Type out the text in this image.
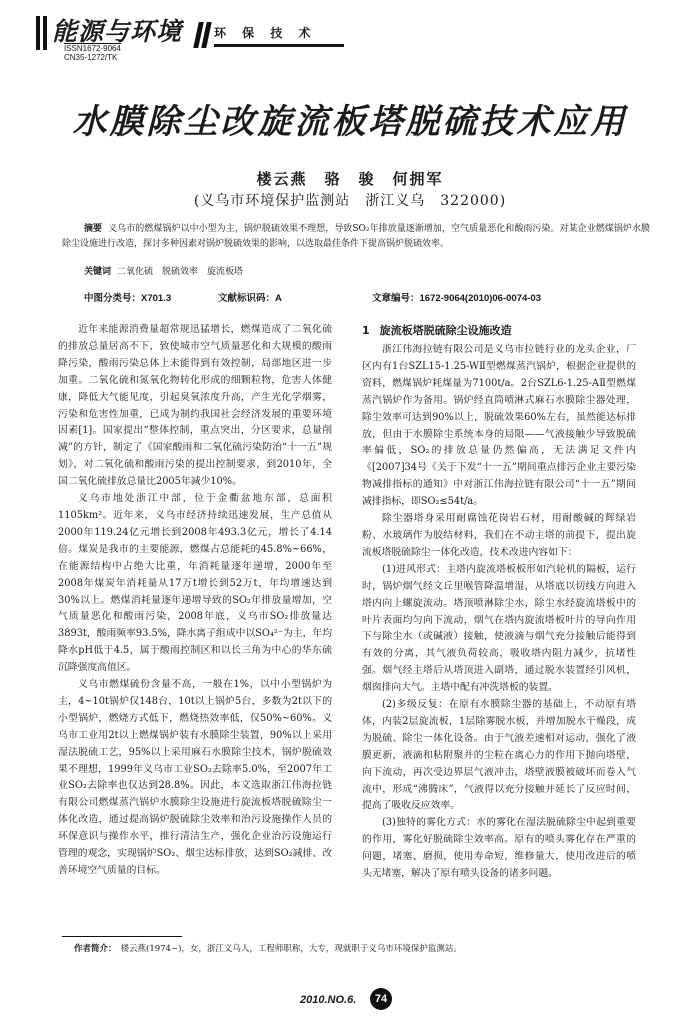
能源与环境
ISSN1672-9064
CN35-1272/TK
环 保 技 术
水膜除尘改旋流板塔脱硫技术应用
楼云燕　骆　骏　何拥军
(义乌市环境保护监测站　浙江义乌　322000)
摘要 义乌市的燃煤锅炉以中小型为主，锅炉脱硫效果不理想，导致SO₂年排放量逐渐增加，空气质量恶化和酸雨污染。对某企业燃煤锅炉水膜除尘设施进行改造，探讨多种因素对锅炉脱硫效果的影响，以选取最佳条件下提高锅炉脱硫效率。
关键词 二氧化硫　脱硫效率　旋流板塔
中图分类号：X701.3	文献标识码：A	文章编号：1672-9064(2010)06-0074-03

近年来能源消费量超常规迅猛增长，燃煤造成了二氧化硫的排放总量居高不下，致使城市空气质量恶化和大规模的酸雨降污染，酸雨污染总体上未能得到有效控制，局部地区进一步加重。二氧化硫和氮氧化物转化形成的细颗粒物，危害人体健康，降低大气能见度，引起臭氧浓度升高，产生光化学烟雾，污染和危害性加重，已成为制约我国社会经济发展的重要环境因素[1]。国家提出“整体控制，重点突出，分区要求，总量削减”的方针，制定了《国家酸雨和二氧化硫污染防治“十一五”规划》，对二氧化硫和酸雨污染的提出控制要求，到2010年，全国二氧化硫排放总量比2005年减少10%。

义乌市地处浙江中部，位于金衢盆地东部，总面积1105km²。近年来，义乌市经济持续迅速发展，生产总值从2000年119.24亿元增长到2008年493.3亿元，增长了4.14倍。煤炭是我市的主要能源，燃煤占总能耗的45.8%~66%，在能源结构中占绝大比重，年消耗量逐年递增，2000年至2008年煤炭年消耗量从17万t增长到52万t，年均增速达到30%以上。燃煤消耗量逐年递增导致的SO₂年排放量增加，空气质量恶化和酸雨污染，2008年底，义乌市SO₂排放量达3893t，酸雨频率93.5%，降水离子组成中以SO₄²⁻为主，年均降水pH低于4.5，属于酸雨控制区和以长三角为中心的华东硫沉降强度高值区。

义乌市燃煤硫份含量不高，一般在1%，以中小型锅炉为主，4~10t锅炉仅148台，10t以上锅炉5台，多数为2t以下的小型锅炉，燃烧方式低下，燃烧热效率低，仅50%~60%。义乌市工业用2t以上燃煤锅炉装有水膜除尘装置，90%以上采用湿法脱硫工艺，95%以上采用麻石水膜除尘技术，锅炉脱硫效果不理想，1999年义乌市工业SO₂去除率5.0%，至2007年工业SO₂去除率也仅达到28.8%。因此，本文选取浙江伟海拉链有限公司燃煤蒸汽锅炉水膜除尘设施进行旋流板塔脱硫除尘一体化改造，通过提高锅炉脱硫除尘效率和治污设施操作人员的环保意识与操作水平，推行清洁生产，强化企业治污设施运行管理的观念，实现锅炉SO₂、烟尘达标排放，达到SO₂减排、改善环境空气质量的目标。

1 旋流板塔脱硫除尘设施改造

浙江伟海拉链有限公司是义乌市拉链行业的龙头企业，厂区内有1台SZL15-1.25-WⅡ型燃煤蒸汽锅炉，根据企业提供的资料，燃煤锅炉耗煤量为7100t/a。2台SZL6-1.25-AⅡ型燃煤蒸汽锅炉作为备用。锅炉经直筒喷淋式麻石水膜除尘器处理，除尘效率可达到90%以上，脱硫效果60%左右，虽然能达标排放，但由于水膜除尘系统本身的局限——气液接触少导致脱硫率偏低，SO₂的排放总量仍然偏高，无法满足文件内《[2007]34号《关于下发“十一五”期间重点排污企业主要污染物减排指标的通知》中对浙江伟海拉链有限公司“十一五”期间减排指标，即SO₂≤54t/a。

除尘器塔身采用耐腐蚀花岗岩石材，用耐酸碱的辉绿岩粉、水玻璃作为胶结材料，我们在不动主塔的前提下，提出旋流板塔脱硫除尘一体化改造，技术改进内容如下：

(1)进风形式：主塔内旋流塔板板形如汽轮机的隔板，运行时，锅炉烟气经文丘里喉管降温增湿，从塔底以切线方向进入塔内向上螺旋流动。塔顶喷淋除尘水，除尘水经旋流塔板中的叶片表面均匀向下流动，烟气在塔内旋流塔板叶片的导向作用下与除尘水（或碱液）接触，使液滴与烟气充分接触后能得到有效的分离，其气液负荷较高，吸收塔内阻力减少，抗堵性强。烟气经主塔后从塔顶进入副塔，通过脱水装置经引风机，烟囱排向大气。主塔中配有冲洗塔板的装置。

(2)多级反复：在原有水膜除尘器的基础上，不动原有塔体，内装2层旋流板，1层除雾脱水板，并增加脱水干燥段，成为脱硫、除尘一体化设备。由于气液差速相对运动，强化了液膜更新，液滴和粘附聚并的尘粒在离心力的作用下抛向塔壁，向下流动，再次受边界层气液冲击，塔壁液膜被破坏而卷入气流中，形成“沸腾床”，气液得以充分接触并延长了反应时间，提高了吸收反应效率。

(3)独特的雾化方式：水的雾化在湿法脱硫除尘中起到重要的作用，雾化好脱硫除尘效率高。原有的喷头雾化存在严重的问题，堵塞、磨损，使用寿命短，维修量大，使用改进后的喷头无堵塞，解决了原有喷头设备的诸多问题。

作者简介： 楼云燕(1974~)，女，浙江义乌人，工程师职称，大专，现就职于义乌市环境保护监测站。
2010.NO.6.	74
